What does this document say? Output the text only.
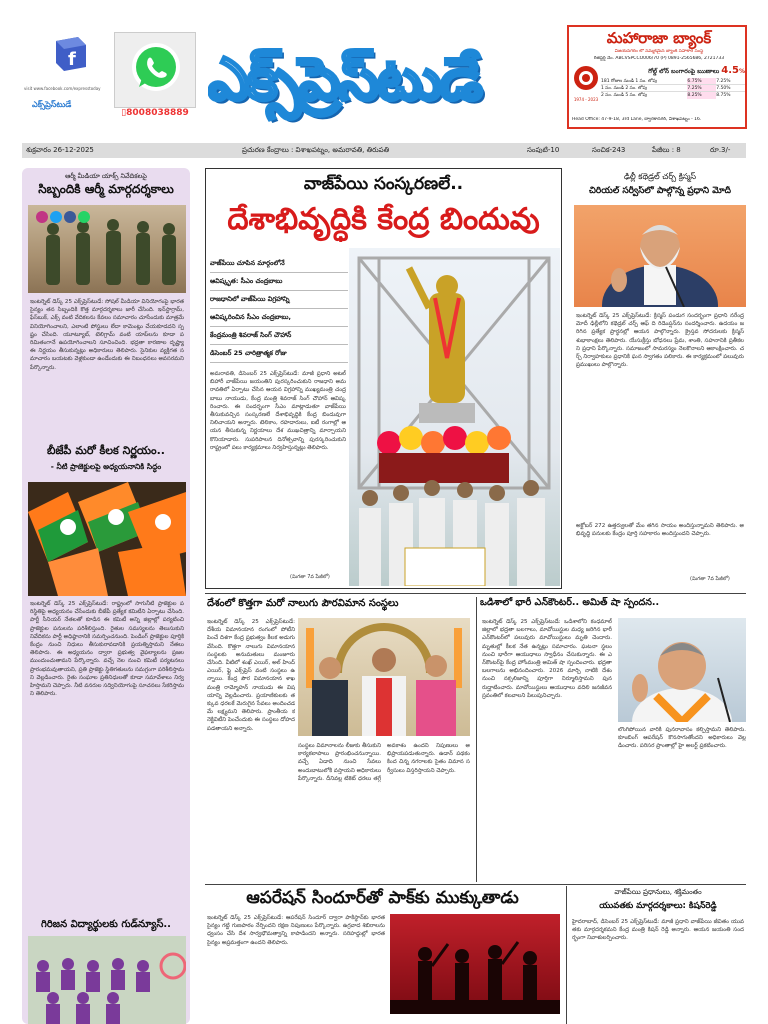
f
visit www.facebook.com/expresstoday
ఎక్స్‌ప్రెస్‌టుడే
▯8008038889 ఎక్స్‌ప్రెస్‌టుడే
మహారాజా బ్యాంక్
విజయనగరం లో నమ్మకమైన బ్యాంక్ సహకార సంస్థ
రిజిస్టర్డ్ నెం. ABCVSPCCO006/70 (P) 0891-2565686, 2721733
1974 - 2023
గోల్డ్ లోన్ బంగారంపై ఋణాలు 4.5%
181 రోజుల నుండి 1 సం. లోపు	6.75%	7.25%
1 సం. నుండి 2 సం. లోపు	7.25%	7.50%
2 సం. నుండి 5 సం. లోపు	8.25%	8.75%
Head Office: 47-9-18, 3rd Lane, ద్వారకానగర్, విశాఖపట్నం - 16.
శుక్రవారం 26-12-2025	ప్రచురణ కేంద్రాలు : విశాఖపట్నం, అమరావతి, తిరుపతి	సంపుటి-10	సంచిక-243	పేజీలు : 8	రూ.3/-
ఆర్మీ మీడియా యాక్స్ నివేదికలపై
సిబ్బందికి ఆర్మీ మార్గదర్శకాలు
ఇంటర్నెట్ డెస్క్ 25 ఎక్స్‌ప్రెస్‌టుడే: సోషల్ మీడియా వినియోగంపై భారత సైన్యం తన సిబ్బందికి కొత్త మార్గదర్శకాలు జారీ చేసింది. ఇన్‌స్టాగ్రామ్, ఫేస్‌బుక్, ఎక్స్ వంటి వేదికలను కేవలం సమాచారం చూసేందుకు మాత్రమే వినియోగించాలని, ఎలాంటి పోస్టులు లేదా కామెంట్లు చేయకూడదని స్పష్టం చేసింది. యూట్యూబ్, టెలిగ్రామ్ వంటి యాప్‌లను కూడా పరిమితంగానే ఉపయోగించాలని సూచించింది. భద్రతా కారణాల దృష్ట్యా ఈ నిర్ణయం తీసుకున్నట్లు అధికారులు తెలిపారు. సైనికుల వ్యక్తిగత సమాచారం బయటకు వెళ్లకుండా ఉండేందుకు ఈ నిబంధనలు అవసరమని పేర్కొన్నారు.
బీజేపీ మరో కీలక నిర్ణయం..
- నీటి ప్రాజెక్టులపై అధ్యయనానికి సిద్ధం
ఇంటర్నెట్ డెస్క్ 25 ఎక్స్‌ప్రెస్‌టుడే: రాష్ట్రంలో సాగునీటి ప్రాజెక్టుల పరిస్థితిపై అధ్యయనం చేసేందుకు బీజేపీ ప్రత్యేక కమిటీని ఏర్పాటు చేసింది. పార్టీ సీనియర్ నేతలతో కూడిన ఈ కమిటీ అన్ని జిల్లాల్లో పర్యటించి ప్రాజెక్టుల పనులను పరిశీలిస్తుంది. రైతుల సమస్యలను తెలుసుకుని నివేదికను పార్టీ అధిష్ఠానానికి సమర్పించనుంది. పెండింగ్ ప్రాజెక్టుల పూర్తికి కేంద్రం నుంచి నిధులు తీసుకురావడానికి ప్రయత్నిస్తామని నేతలు తెలిపారు. ఈ అధ్యయనం ద్వారా ప్రభుత్వ వైఫల్యాలను ప్రజల ముందుంచుతామని పేర్కొన్నారు. వచ్చే నెల నుంచి కమిటీ పర్యటనలు ప్రారంభమవుతాయని, ప్రతి ప్రాజెక్టు స్థితిగతులను సమగ్రంగా పరిశీలిస్తామని వెల్లడించారు. రైతు సంఘాల ప్రతినిధులతో కూడా సమావేశాలు నిర్వహిస్తామని చెప్పారు. నీటి వనరుల సద్వినియోగంపై సూచనలు సేకరిస్తామని తెలిపారు.
గిరిజన విద్యార్థులకు గుడ్‌న్యూస్..
వాజ్‌పేయి సంస్కరణలే..
దేశాభివృద్ధికి కేంద్ర బిందువు
వాజ్‌పేయి చూపిన మార్గంలోనే
ఆవిష్కృత: సీఎం చంద్రబాబు
రాజధానిలో వాజ్‌పేయి విగ్రహాన్ని
ఆవిష్కరించిన సీఎం చంద్రబాబు,
కేంద్రమంత్రి శివరాజ్ సింగ్ చౌహాన్
డిసెంబర్ 25 చారిత్రాత్మక రోజు
అమరావతి, డిసెంబర్ 25 ఎక్స్‌ప్రెస్‌టుడే: మాజీ ప్రధాని అటల్ బిహారీ వాజ్‌పేయి జయంతిని పురస్కరించుకుని రాజధాని అమరావతిలో ఏర్పాటు చేసిన ఆయన విగ్రహాన్ని ముఖ్యమంత్రి చంద్రబాబు నాయుడు, కేంద్ర మంత్రి శివరాజ్ సింగ్ చౌహాన్ ఆవిష్కరించారు. ఈ సందర్భంగా సీఎం మాట్లాడుతూ వాజ్‌పేయి తీసుకువచ్చిన సంస్కరణలే దేశాభివృద్ధికి కేంద్ర బిందువుగా నిలిచాయని అన్నారు. టెలికాం, రహదారులు, ఐటీ రంగాల్లో ఆయన తీసుకున్న నిర్ణయాలు దేశ ముఖచిత్రాన్ని మార్చాయని కొనియాడారు. సుపరిపాలన దినోత్సవాన్ని పురస్కరించుకుని రాష్ట్రంలో పలు కార్యక్రమాలు నిర్వహిస్తున్నట్లు తెలిపారు.
(మిగతా 7వ పేజీలో)
ఢిల్లీ కథెడ్రల్ చర్చ్ క్రిస్మస్
చిరియల్ సర్వీస్‌లో పాల్గొన్న ప్రధాని మోదీ
ఇంటర్నెట్ డెస్క్ 25 ఎక్స్‌ప్రెస్‌టుడే: క్రిస్మస్ పండుగ సందర్భంగా ప్రధాని నరేంద్ర మోదీ ఢిల్లీలోని కథెడ్రల్ చర్చ్ ఆఫ్ ది రిడెంప్షన్‌ను సందర్శించారు. ఉదయం జరిగిన ప్రత్యేక ప్రార్థనల్లో ఆయన పాల్గొన్నారు. క్రైస్తవ సోదరులకు క్రిస్మస్ శుభాకాంక్షలు తెలిపారు. యేసుక్రీస్తు బోధనలు ప్రేమ, శాంతి, సహనానికి ప్రతీకలని ప్రధాని పేర్కొన్నారు. సమాజంలో సామరస్యం నెలకొనాలని ఆకాంక్షించారు. చర్చ్ నిర్వాహకులు ప్రధానికి ఘన స్వాగతం పలికారు. ఈ కార్యక్రమంలో పలువురు ప్రముఖులు పాల్గొన్నారు.
అక్టోబర్ 272 ఉత్తర్వులతో మేం తగిన సాయం అందిస్తున్నామని తెలిపారు. అభివృద్ధి పనులకు కేంద్రం పూర్తి సహకారం అందిస్తుందని చెప్పారు.
(మిగతా 7వ పేజీలో)
దేశంలో కొత్తగా మరో నాలుగు పౌరవిమాన సంస్థలు
ఇంటర్నెట్ డెస్క్ 25 ఎక్స్‌ప్రెస్‌టుడే: దేశీయ విమానయాన రంగంలో పోటీని పెంచే దిశగా కేంద్ర ప్రభుత్వం కీలక అడుగు వేసింది. కొత్తగా నాలుగు విమానయాన సంస్థలకు అనుమతులు మంజూరు చేసింది. వీటిలో శంఖ్ ఎయిర్, అల్ హింద్ ఎయిర్, ఫ్లై ఎక్స్‌ప్రెస్ వంటి సంస్థలు ఉన్నాయి. కేంద్ర పౌర విమానయాన శాఖ మంత్రి రామ్మోహన్ నాయుడు ఈ విషయాన్ని వెల్లడించారు. ప్రయాణికులకు తక్కువ ధరలకే మెరుగైన సేవలు అందించడమే లక్ష్యమని తెలిపారు. ప్రాంతీయ కనెక్టివిటీని పెంచేందుకు ఈ సంస్థలు దోహదపడతాయని అన్నారు.
సంస్థలు విమానాలను లీజుకు తీసుకుని కార్యకలాపాలు ప్రారంభించనున్నాయి. వచ్చే ఏడాది నుంచి సేవలు అందుబాటులోకి వస్తాయని అధికారులు పేర్కొన్నారు. దీనివల్ల టికెట్ ధరలు తగ్గే అవకాశం ఉందని నిపుణులు అభిప్రాయపడుతున్నారు. ఉడాన్ పథకం కింద చిన్న నగరాలకు సైతం విమాన సర్వీసులు విస్తరిస్తాయని చెప్పారు.
ఒడిశాలో భారీ ఎన్‌కౌంటర్.. అమిత్ షా స్పందన..
ఇంటర్నెట్ డెస్క్ 25 ఎక్స్‌ప్రెస్‌టుడే: ఒడిశాలోని కంధమాల్ జిల్లాలో భద్రతా బలగాలు, మావోయిస్టుల మధ్య జరిగిన భారీ ఎన్‌కౌంటర్‌లో పలువురు మావోయిస్టులు మృతి చెందారు. మృతుల్లో కీలక నేత ఉన్నట్లు సమాచారం. ఘటనా స్థలం నుంచి భారీగా ఆయుధాలు స్వాధీనం చేసుకున్నారు. ఈ ఎన్‌కౌంటర్‌పై కేంద్ర హోంమంత్రి అమిత్ షా స్పందించారు. భద్రతా బలగాలను అభినందించారు. 2026 మార్చి నాటికి దేశం నుంచి నక్సలిజాన్ని పూర్తిగా నిర్మూలిస్తామని పునరుద్ఘాటించారు. మావోయిస్టులు ఆయుధాలు వదిలి జనజీవన స్రవంతిలో కలవాలని పిలుపునిచ్చారు.
లొంగిపోయిన వారికి పునరావాసం కల్పిస్తామని తెలిపారు. కూంబింగ్ ఆపరేషన్ కొనసాగుతోందని అధికారులు వెల్లడించారు. పరిసర ప్రాంతాల్లో హై అలర్ట్ ప్రకటించారు.
ఆపరేషన్ సిందూర్‌తో పాక్‌కు ముక్కుతాడు
ఇంటర్నెట్ డెస్క్ 25 ఎక్స్‌ప్రెస్‌టుడే: ఆపరేషన్ సిందూర్ ద్వారా పాకిస్థాన్‌కు భారత సైన్యం గట్టి గుణపాఠం నేర్పిందని రక్షణ నిపుణులు పేర్కొన్నారు. ఉగ్రవాద శిబిరాలను ధ్వంసం చేసి దేశ సార్వభౌమత్వాన్ని కాపాడిందని అన్నారు. సరిహద్దుల్లో భారత సైన్యం అప్రమత్తంగా ఉందని తెలిపారు.
వాజ్‌పేయి ప్రధానులు, శక్తిమంతం
యువతకు మార్గదర్శకాలు: కిషన్‌రెడ్డి
హైదరాబాద్, డిసెంబర్ 25 ఎక్స్‌ప్రెస్‌టుడే: మాజీ ప్రధాని వాజ్‌పేయి జీవితం యువతకు మార్గదర్శకమని కేంద్ర మంత్రి కిషన్ రెడ్డి అన్నారు. ఆయన జయంతి సందర్భంగా నివాళులర్పించారు.
